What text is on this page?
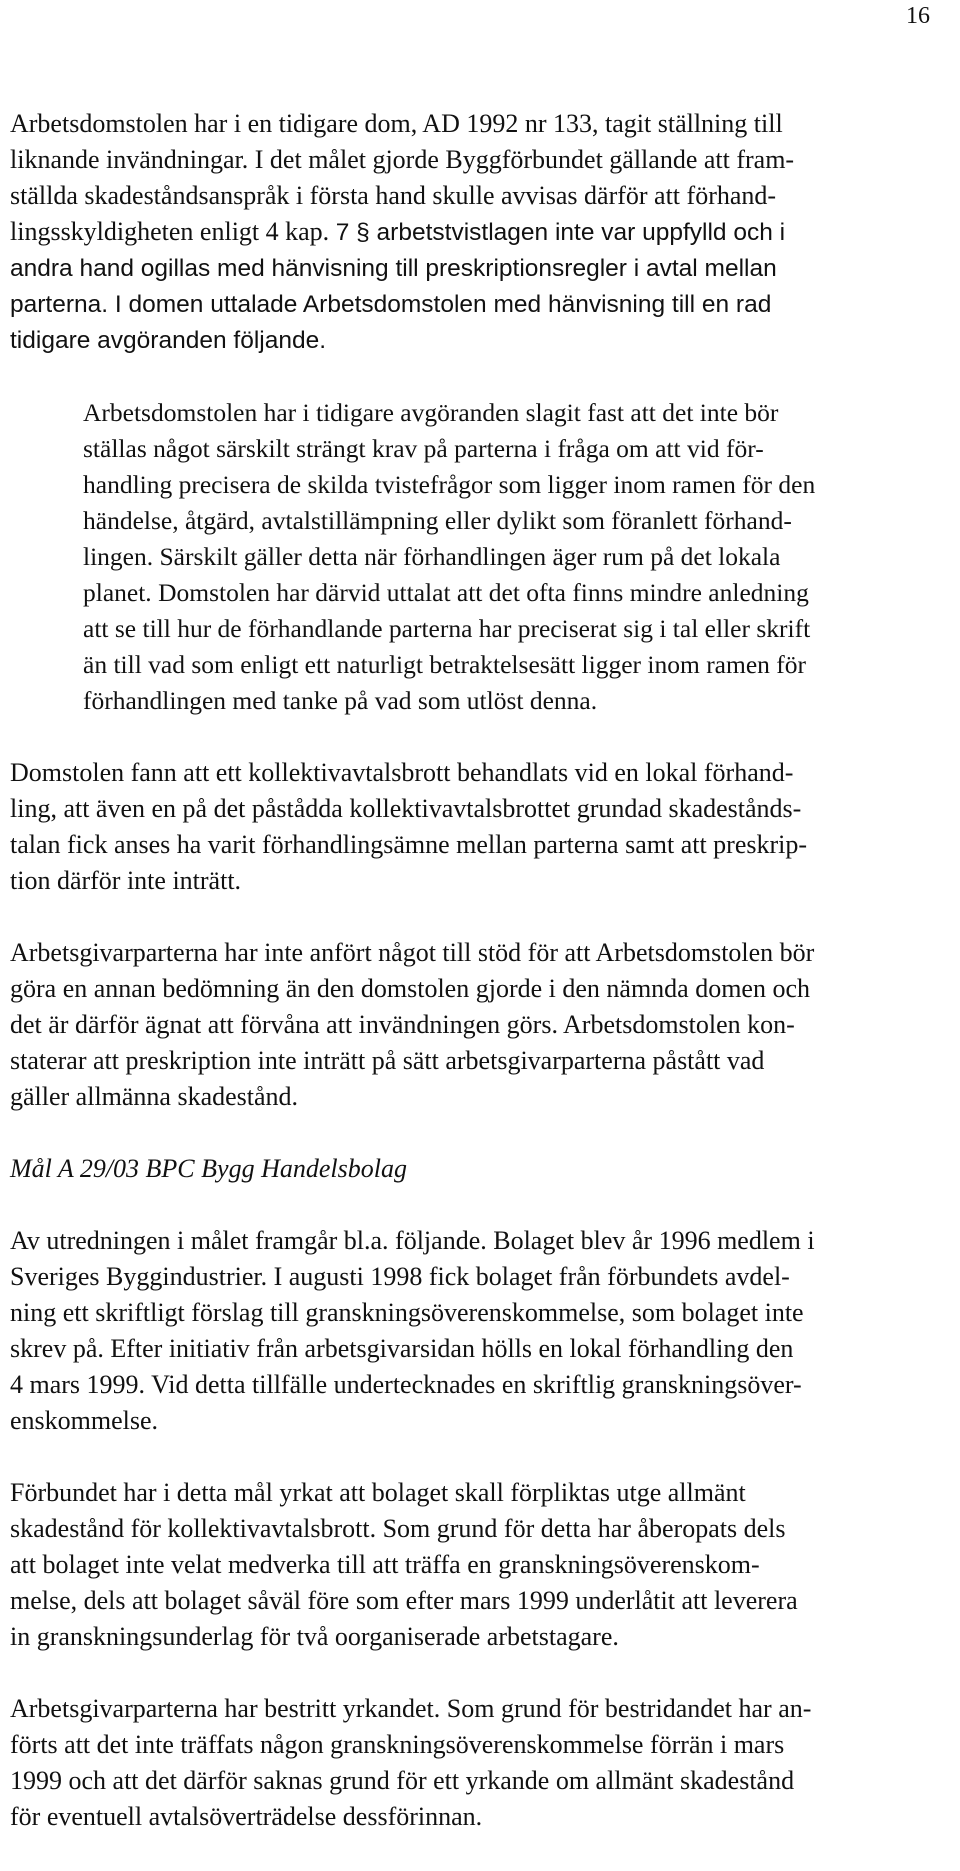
16
Arbetsdomstolen har i en tidigare dom, AD 1992 nr 133, tagit ställning till
liknande invändningar. I det målet gjorde Byggförbundet gällande att fram-
ställda skadeståndsanspråk i första hand skulle avvisas därför att förhand-
lingsskyldigheten enligt 4 kap. 7 § arbetstvistlagen inte var uppfylld och i
andra hand ogillas med hänvisning till preskriptionsregler i avtal mellan
parterna. I domen uttalade Arbetsdomstolen med hänvisning till en rad
tidigare avgöranden följande.
Arbetsdomstolen har i tidigare avgöranden slagit fast att det inte bör
ställas något särskilt strängt krav på parterna i fråga om att vid för-
handling precisera de skilda tvistefrågor som ligger inom ramen för den
händelse, åtgärd, avtalstillämpning eller dylikt som föranlett förhand-
lingen. Särskilt gäller detta när förhandlingen äger rum på det lokala
planet. Domstolen har därvid uttalat att det ofta finns mindre anledning
att se till hur de förhandlande parterna har preciserat sig i tal eller skrift
än till vad som enligt ett naturligt betraktelsesätt ligger inom ramen för
förhandlingen med tanke på vad som utlöst denna.
Domstolen fann att ett kollektivavtalsbrott behandlats vid en lokal förhand-
ling, att även en på det påstådda kollektivavtalsbrottet grundad skadestånds-
talan fick anses ha varit förhandlingsämne mellan parterna samt att preskrip-
tion därför inte inträtt.
Arbetsgivarparterna har inte anfört något till stöd för att Arbetsdomstolen bör
göra en annan bedömning än den domstolen gjorde i den nämnda domen och
det är därför ägnat att förvåna att invändningen görs. Arbetsdomstolen kon-
staterar att preskription inte inträtt på sätt arbetsgivarparterna påstått vad
gäller allmänna skadestånd.
Mål A 29/03 BPC Bygg Handelsbolag
Av utredningen i målet framgår bl.a. följande. Bolaget blev år 1996 medlem i
Sveriges Byggindustrier. I augusti 1998 fick bolaget från förbundets avdel-
ning ett skriftligt förslag till granskningsöverenskommelse, som bolaget inte
skrev på. Efter initiativ från arbetsgivarsidan hölls en lokal förhandling den
4 mars 1999. Vid detta tillfälle undertecknades en skriftlig granskningsöver-
enskommelse.
Förbundet har i detta mål yrkat att bolaget skall förpliktas utge allmänt
skadestånd för kollektivavtalsbrott. Som grund för detta har åberopats dels
att bolaget inte velat medverka till att träffa en granskningsöverenskom-
melse, dels att bolaget såväl före som efter mars 1999 underlåtit att leverera
in granskningsunderlag för två oorganiserade arbetstagare.
Arbetsgivarparterna har bestritt yrkandet. Som grund för bestridandet har an-
förts att det inte träffats någon granskningsöverenskommelse förrän i mars
1999 och att det därför saknas grund för ett yrkande om allmänt skadestånd
för eventuell avtalsöverträdelse dessförinnan.
